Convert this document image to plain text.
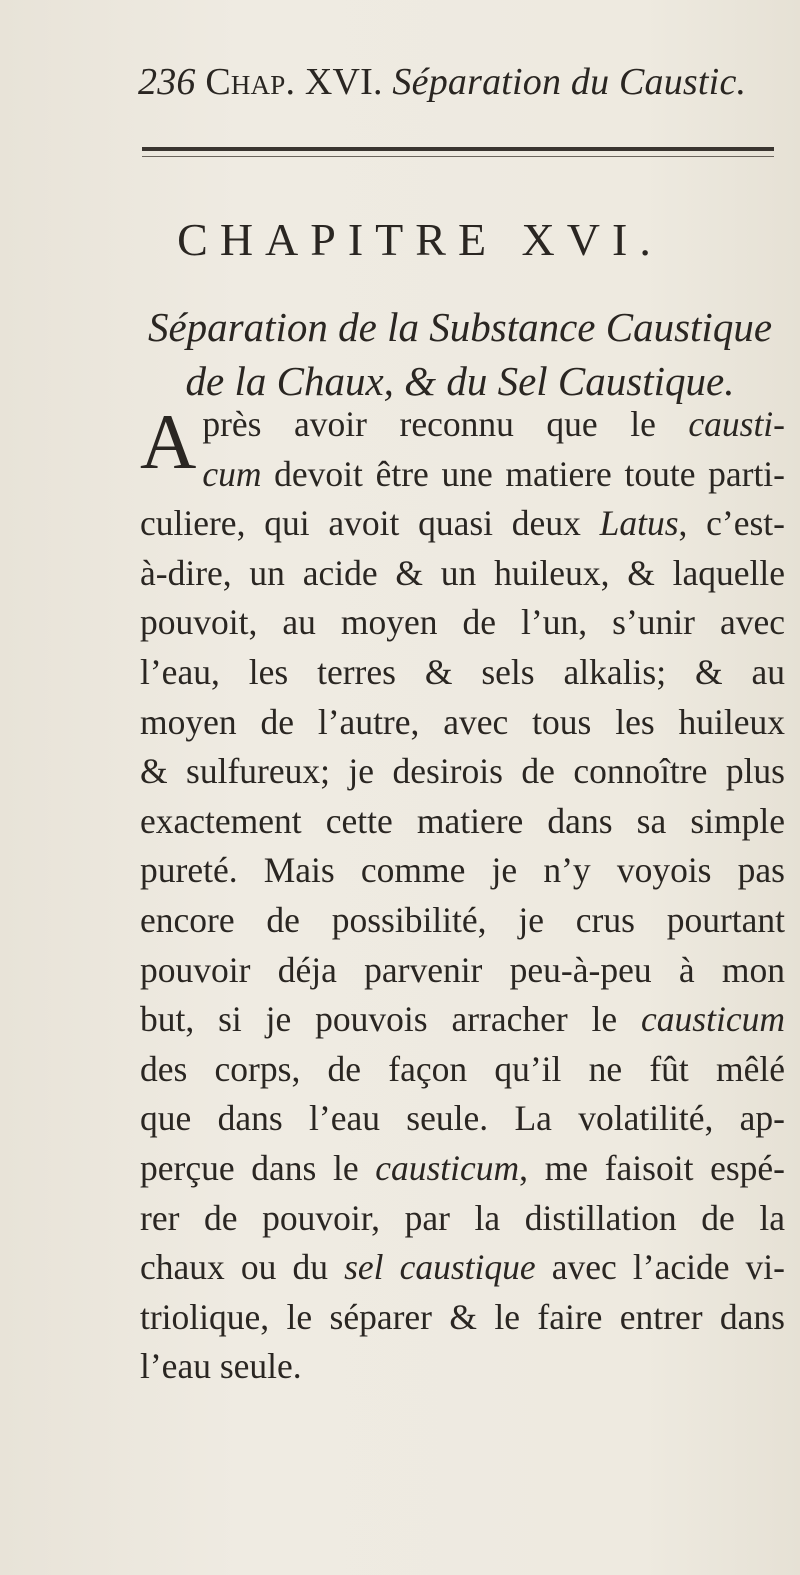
236 Chap. XVI. Séparation du Caustic.
CHAPITRE XVI.
Séparation de la Substance Caustique
de la Chaux, & du Sel Caustique.
A près avoir reconnu que le causti-
cum devoit être une matiere toute parti-
culiere, qui avoit quasi deux Latus, c’est-
à-dire, un acide & un huileux, & laquelle
pouvoit, au moyen de l’un, s’unir avec
l’eau, les terres & sels alkalis; & au
moyen de l’autre, avec tous les huileux
& sulfureux; je desirois de connoître plus
exactement cette matiere dans sa simple
pureté. Mais comme je n’y voyois pas
encore de possibilité, je crus pourtant
pouvoir déja parvenir peu-à-peu à mon
but, si je pouvois arracher le causticum
des corps, de façon qu’il ne fût mêlé
que dans l’eau seule. La volatilité, ap-
perçue dans le causticum, me faisoit espé-
rer de pouvoir, par la distillation de la
chaux ou du sel caustique avec l’acide vi-
triolique, le séparer & le faire entrer dans
l’eau seule.
